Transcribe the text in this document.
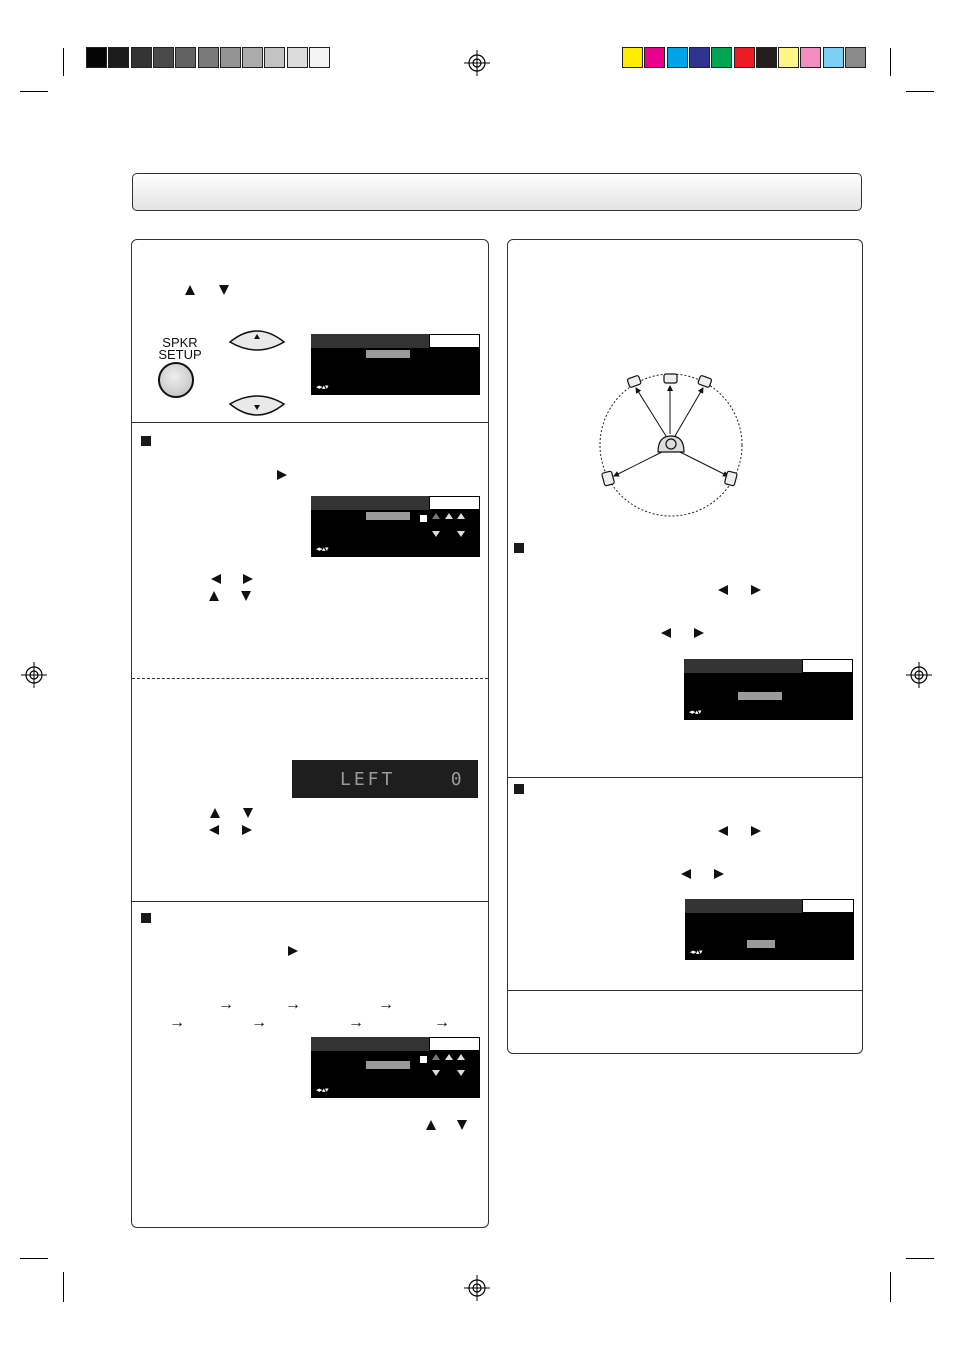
SPKR
SETUP
◂▸▴▾
◂▸▴▾
LEFT    0
→	→	→
→	→	→	→
◂▸▴▾
◂▸▴▾
◂▸▴▾
